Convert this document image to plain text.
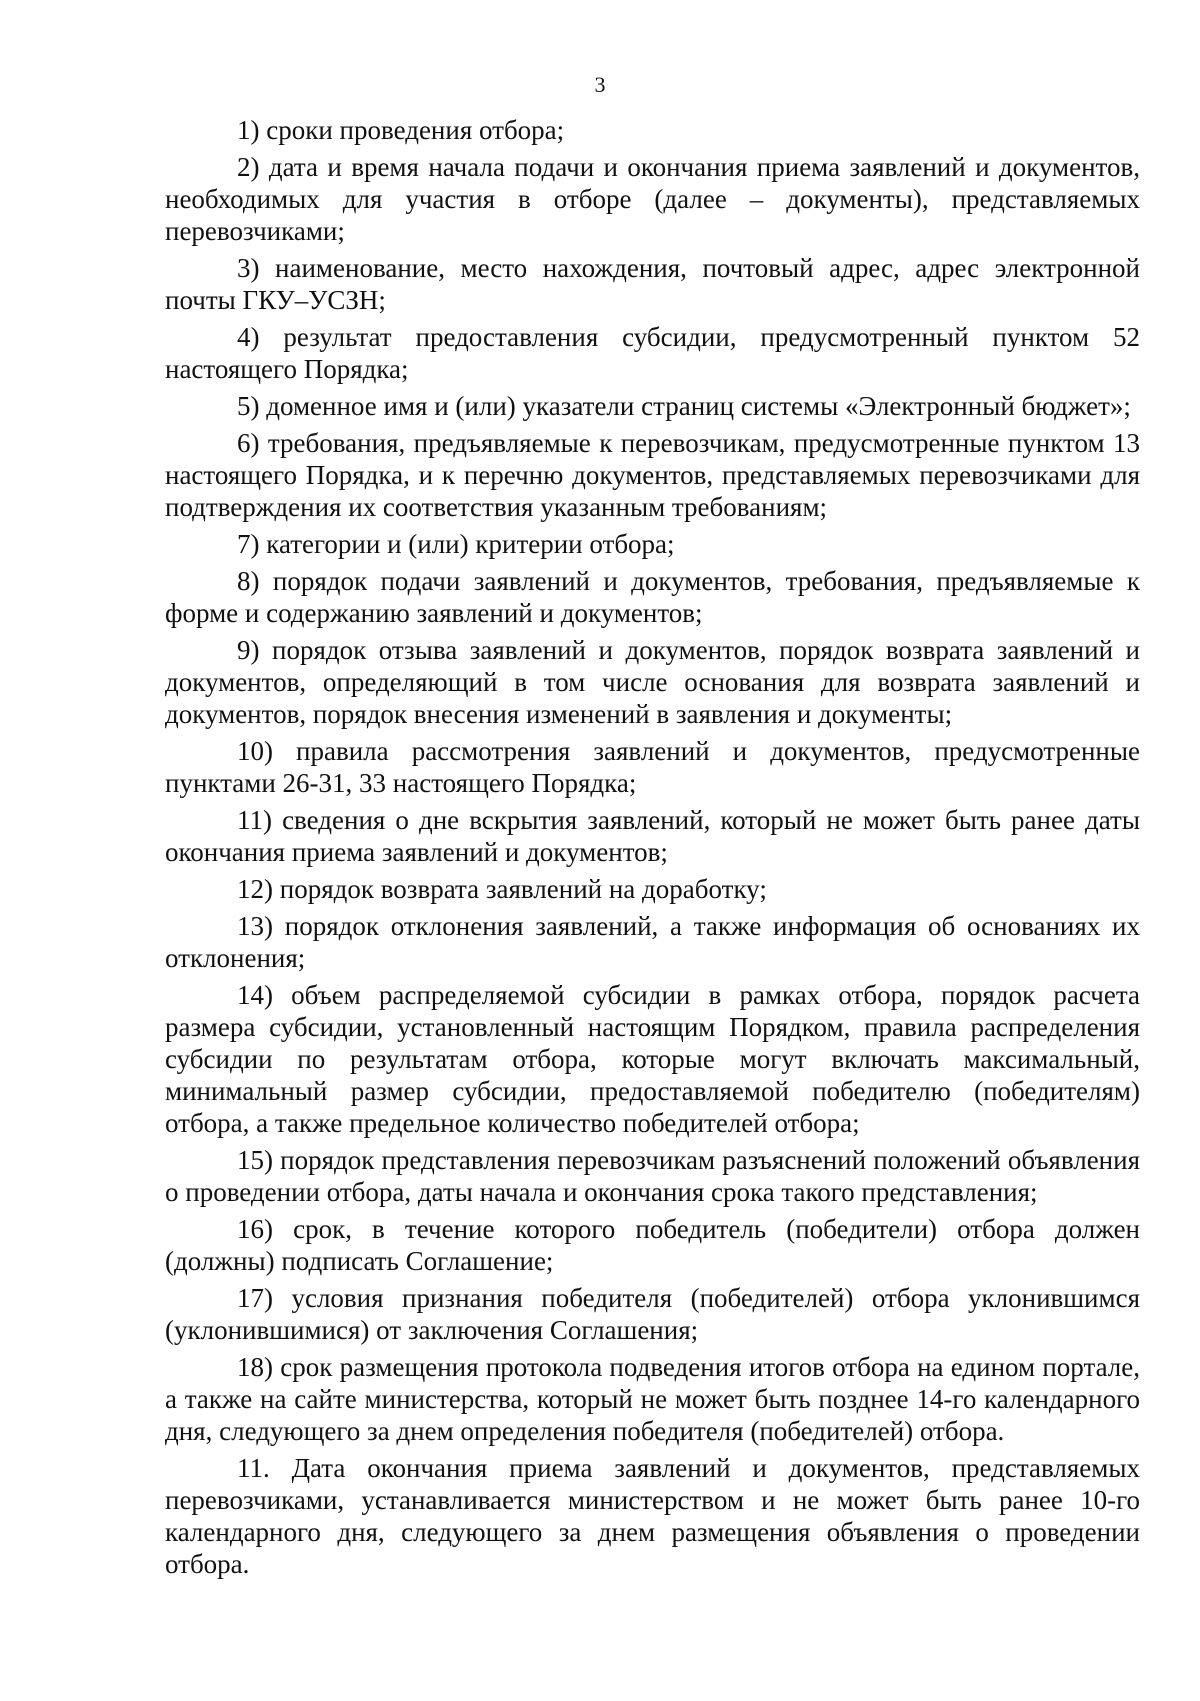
3

1) сроки проведения отбора;

2) дата и время начала подачи и окончания приема заявлений и документов, необходимых для участия в отборе (далее – документы), представляемых перевозчиками;

3) наименование, место нахождения, почтовый адрес, адрес электронной почты ГКУ–УСЗН;

4) результат предоставления субсидии, предусмотренный пунктом 52 настоящего Порядка;

5) доменное имя и (или) указатели страниц системы «Электронный бюджет»;

6) требования, предъявляемые к перевозчикам, предусмотренные пунктом 13 настоящего Порядка, и к перечню документов, представляемых перевозчиками для подтверждения их соответствия указанным требованиям;

7) категории и (или) критерии отбора;

8) порядок подачи заявлений и документов, требования, предъявляемые к форме и содержанию заявлений и документов;

9) порядок отзыва заявлений и документов, порядок возврата заявлений и документов, определяющий в том числе основания для возврата заявлений и документов, порядок внесения изменений в заявления и документы;

10) правила рассмотрения заявлений и документов, предусмотренные пунктами 26-31, 33 настоящего Порядка;

11) сведения о дне вскрытия заявлений, который не может быть ранее даты окончания приема заявлений и документов;

12) порядок возврата заявлений на доработку;

13) порядок отклонения заявлений, а также информация об основаниях их отклонения;

14) объем распределяемой субсидии в рамках отбора, порядок расчета размера субсидии, установленный настоящим Порядком, правила распределения субсидии по результатам отбора, которые могут включать максимальный, минимальный размер субсидии, предоставляемой победителю (победителям) отбора, а также предельное количество победителей отбора;

15) порядок представления перевозчикам разъяснений положений объявления о проведении отбора, даты начала и окончания срока такого представления;

16) срок, в течение которого победитель (победители) отбора должен (должны) подписать Соглашение;

17) условия признания победителя (победителей) отбора уклонившимся (уклонившимися) от заключения Соглашения;

18) срок размещения протокола подведения итогов отбора на едином портале, а также на сайте министерства, который не может быть позднее 14-го календарного дня, следующего за днем определения победителя (победителей) отбора.

11. Дата окончания приема заявлений и документов, представляемых перевозчиками, устанавливается министерством и не может быть ранее 10-го календарного дня, следующего за днем размещения объявления о проведении отбора.
